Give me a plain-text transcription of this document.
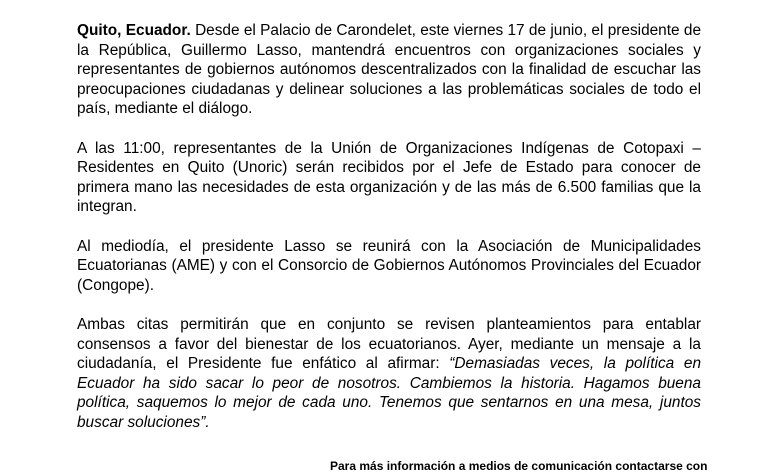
Quito, Ecuador. Desde el Palacio de Carondelet, este viernes 17 de junio, el presidente de la República, Guillermo Lasso, mantendrá encuentros con organizaciones sociales y representantes de gobiernos autónomos descentralizados con la finalidad de escuchar las preocupaciones ciudadanas y delinear soluciones a las problemáticas sociales de todo el país, mediante el diálogo.

A las 11:00, representantes de la Unión de Organizaciones Indígenas de Cotopaxi – Residentes en Quito (Unoric) serán recibidos por el Jefe de Estado para conocer de primera mano las necesidades de esta organización y de las más de 6.500 familias que la integran.

Al mediodía, el presidente Lasso se reunirá con la Asociación de Municipalidades Ecuatorianas (AME) y con el Consorcio de Gobiernos Autónomos Provinciales del Ecuador (Congope).

Ambas citas permitirán que en conjunto se revisen planteamientos para entablar consensos a favor del bienestar de los ecuatorianos. Ayer, mediante un mensaje a la ciudadanía, el Presidente fue enfático al afirmar: “Demasiadas veces, la política en Ecuador ha sido sacar lo peor de nosotros. Cambiemos la historia. Hagamos buena política, saquemos lo mejor de cada uno. Tenemos que sentarnos en una mesa, juntos buscar soluciones”.

Para más información a medios de comunicación contactarse con
